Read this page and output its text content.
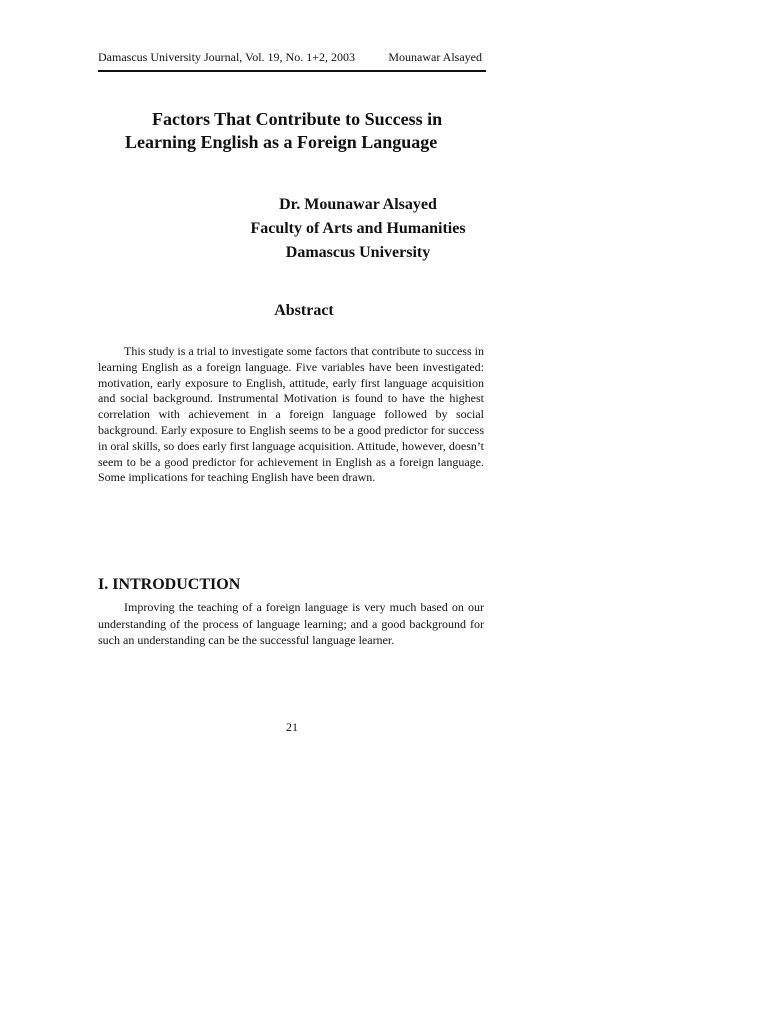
Damascus University Journal, Vol. 19, No. 1+2, 2003	Mounawar Alsayed
Factors That Contribute to Success in
Learning English as a Foreign Language
Dr. Mounawar Alsayed
Faculty of Arts and Humanities
Damascus University
Abstract

This study is a trial to investigate some factors that contribute to success in learning English as a foreign language. Five variables have been investigated: motivation, early exposure to English, attitude, early first language acquisition and social background. Instrumental Motivation is found to have the highest correlation with achievement in a foreign language followed by social background. Early exposure to English seems to be a good predictor for success in oral skills, so does early first language acquisition. Attitude, however, doesn’t seem to be a good predictor for achievement in English as a foreign language. Some implications for teaching English have been drawn.

I. INTRODUCTION

Improving the teaching of a foreign language is very much based on our understanding of the process of language learning; and a good background for such an understanding can be the successful language learner.

21
